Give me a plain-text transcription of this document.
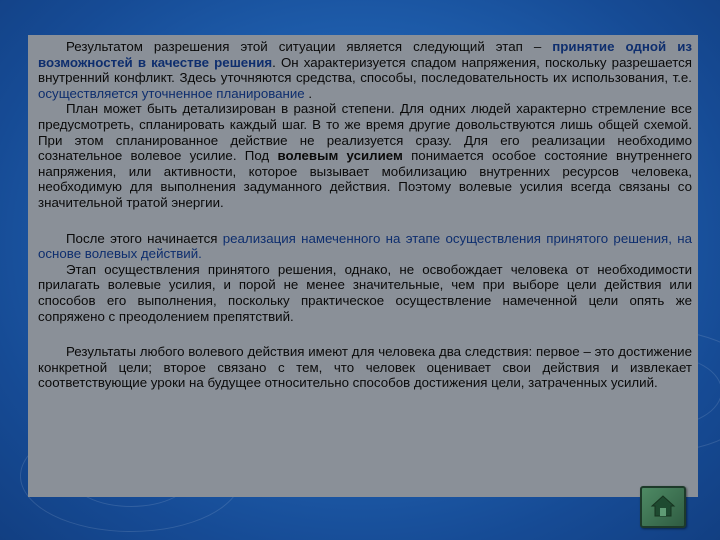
Результатом разрешения этой ситуации является следующий этап – принятие одной из возможностей в качестве решения. Он характеризуется спадом напряжения, поскольку разрешается внутренний конфликт. Здесь уточняются средства, способы, последовательность их использования, т.е. осуществляется уточненное планирование .

План может быть детализирован в разной степени. Для одних людей характерно стремление все предусмотреть, спланировать каждый шаг. В то же время другие довольствуются лишь общей схемой. При этом спланированное действие не реализуется сразу. Для его реализации необходимо сознательное волевое усилие. Под волевым усилием понимается особое состояние внутреннего напряжения, или активности, которое вызывает мобилизацию внутренних ресурсов человека, необходимую для выполнения задуманного действия. Поэтому волевые усилия всегда связаны со значительной тратой энергии.

После этого начинается реализация намеченного на этапе осуществления принятого решения, на основе волевых действий.

Этап осуществления принятого решения, однако, не освобождает человека от необходимости прилагать волевые усилия, и порой не менее значительные, чем при выборе цели действия или способов его выполнения, поскольку практическое осуществление намеченной цели опять же сопряжено с преодолением препятствий.

Результаты любого волевого действия имеют для человека два следствия: первое – это достижение конкретной цели; второе связано с тем, что человек оценивает свои действия и извлекает соответствующие уроки на будущее относительно способов достижения цели, затраченных усилий.
